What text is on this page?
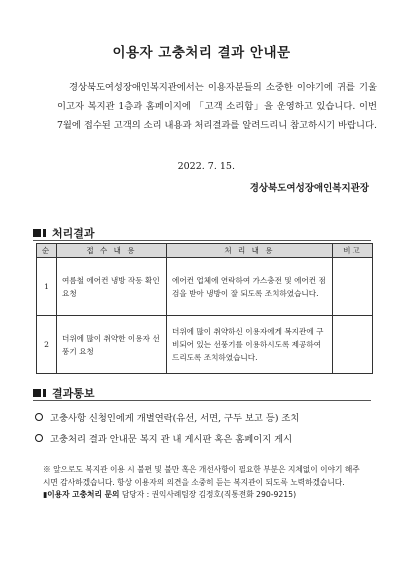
이용자 고충처리 결과 안내문

경상북도여성장애인복지관에서는 이용자분들의 소중한 이야기에 귀를 기울이고자 복지관 1층과 홈페이지에 「고객 소리함」을 운영하고 있습니다. 이번 7월에 접수된 고객의 소리 내용과 처리결과를 알려드리니 참고하시기 바랍니다.

2022. 7. 15.
경상북도여성장애인복지관장
처리결과
순	접 수 내 용	처 리 내 용	비고
1	여름철 에어컨 냉방 작동 확인 요청	에어컨 업체에 연락하여 가스충전 및 에어컨 점검을 받아 냉방이 잘 되도록 조치하였습니다.	
2	더위에 많이 취약한 이용자 선풍기 요청	더위에 많이 취약하신 이용자에게 복지관에 구비되어 있는 선풍기를 이용하시도록 제공하여 드리도록 조치하였습니다.	
결과통보
고충사항 신청인에게 개별연락(유선, 서면, 구두 보고 등) 조치
고충처리 결과 안내문 복지 관 내 게시판 혹은 홈페이지 게시

※ 앞으로도 복지관 이용 시 불편 및 불만 혹은 개선사항이 필요한 부분은 지체없이 이야기 해주시면 감사하겠습니다. 항상 이용자의 의견을 소중히 듣는 복지관이 되도록 노력하겠습니다.

▮이용자 고충처리 문의 담당자 : 권익사례팀장 김정호(직통전화 290-9215)
